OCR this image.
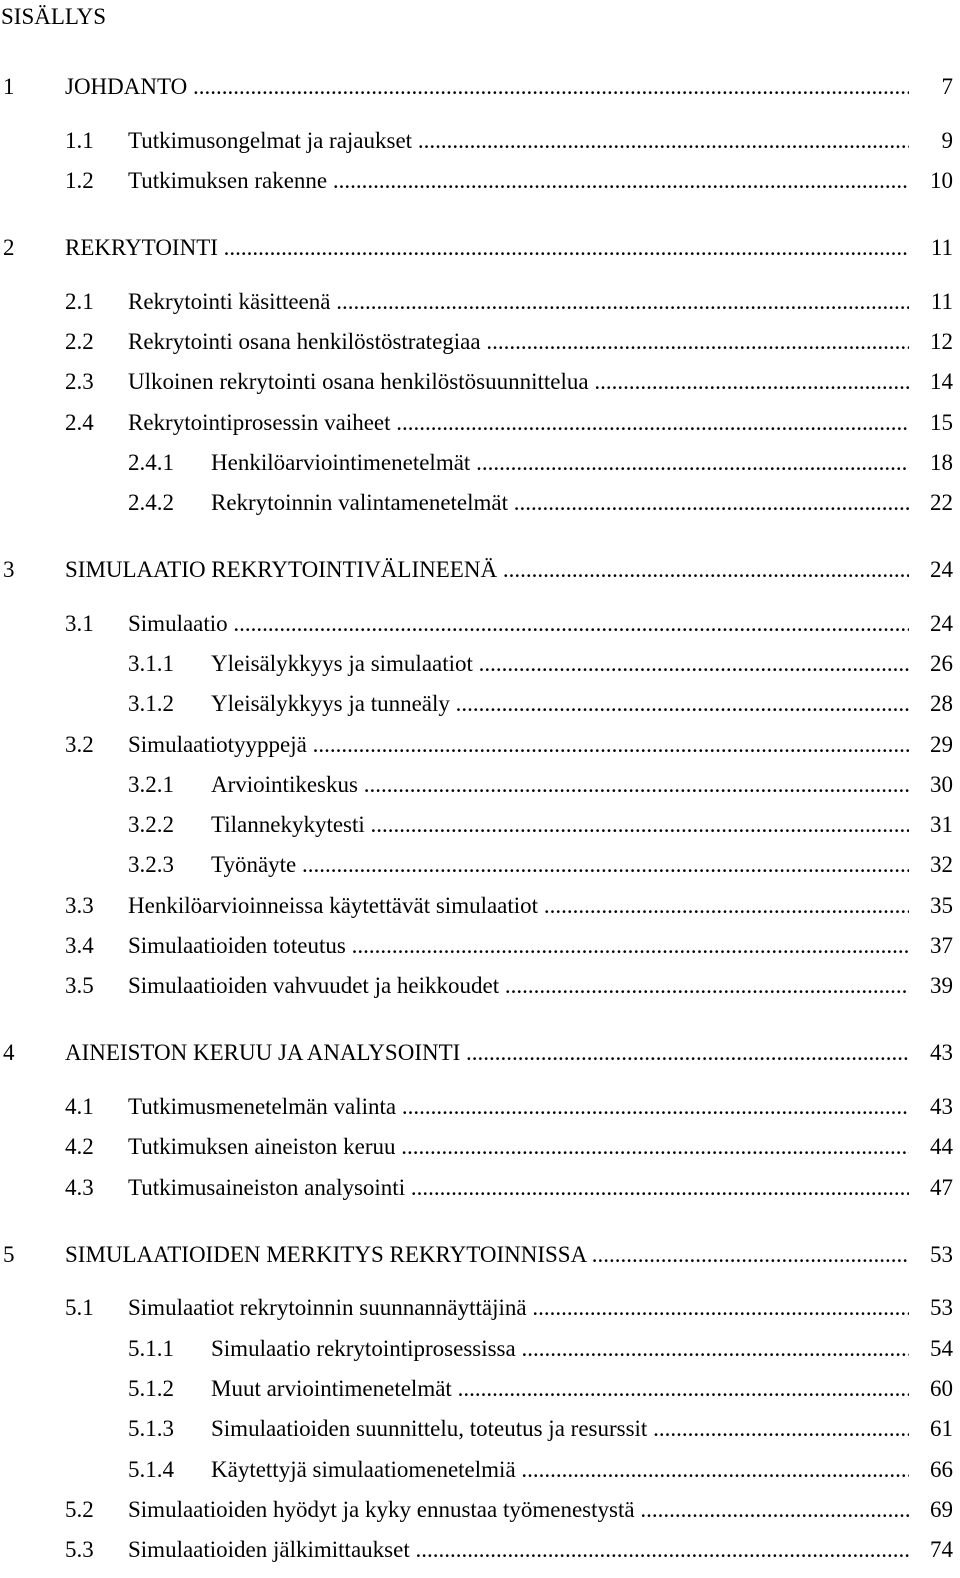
SISÄLLYS
1 JOHDANTO .....	7
1.1 Tutkimusongelmat ja rajaukset .....	9
1.2 Tutkimuksen rakenne .....	10
2 REKRYTOINTI .....	11
2.1 Rekrytointi käsitteenä .....	11
2.2 Rekrytointi osana henkilöstöstrategiaa .....	12
2.3 Ulkoinen rekrytointi osana henkilöstösuunnittelua .....	14
2.4 Rekrytointiprosessin vaiheet .....	15
2.4.1 Henkilöarviointimenetelmät .....	18
2.4.2 Rekrytoinnin valintamenetelmät .....	22
3 SIMULAATIO REKRYTOINTIVÄLINEENÄ .....	24
3.1 Simulaatio .....	24
3.1.1 Yleisälykkyys ja simulaatiot .....	26
3.1.2 Yleisälykkyys ja tunneäly .....	28
3.2 Simulaatiotyyppejä .....	29
3.2.1 Arviointikeskus .....	30
3.2.2 Tilannekykytesti .....	31
3.2.3 Työnäyte .....	32
3.3 Henkilöarvioinneissa käytettävät simulaatiot .....	35
3.4 Simulaatioiden toteutus .....	37
3.5 Simulaatioiden vahvuudet ja heikkoudet .....	39
4 AINEISTON KERUU JA ANALYSOINTI .....	43
4.1 Tutkimusmenetelmän valinta .....	43
4.2 Tutkimuksen aineiston keruu .....	44
4.3 Tutkimusaineiston analysointi .....	47
5 SIMULAATIOIDEN MERKITYS REKRYTOINNISSA .....	53
5.1 Simulaatiot rekrytoinnin suunnannäyttäjinä .....	53
5.1.1 Simulaatio rekrytointiprosessissa .....	54
5.1.2 Muut arviointimenetelmät .....	60
5.1.3 Simulaatioiden suunnittelu, toteutus ja resurssit .....	61
5.1.4 Käytettyjä simulaatiomenetelmiä .....	66
5.2 Simulaatioiden hyödyt ja kyky ennustaa työmenestystä .....	69
5.3 Simulaatioiden jälkimittaukset .....	74
